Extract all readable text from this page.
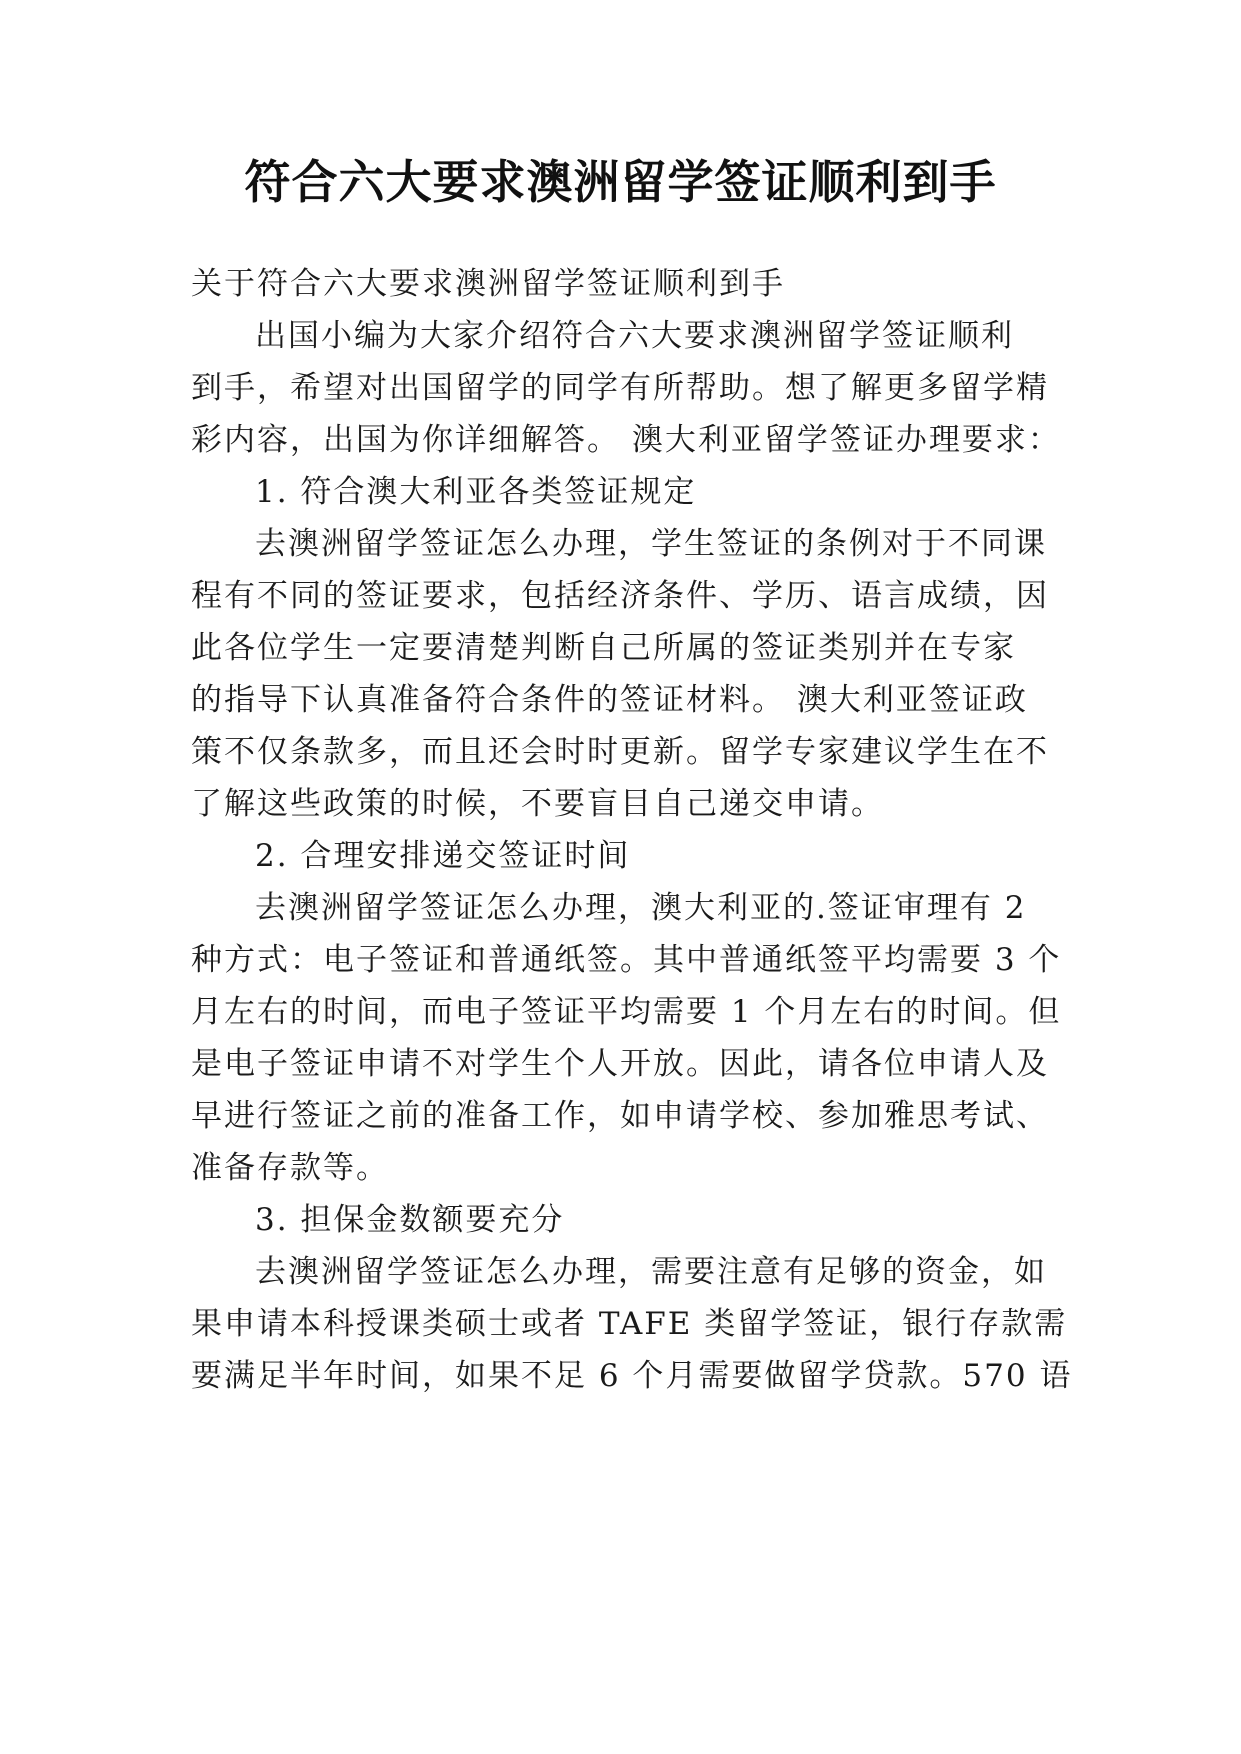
符合六大要求澳洲留学签证顺利到手

关于符合六大要求澳洲留学签证顺利到手

出国小编为大家介绍符合六大要求澳洲留学签证顺利

到手，希望对出国留学的同学有所帮助。想了解更多留学精

彩内容，出国为你详细解答。 澳大利亚留学签证办理要求：

1. 符合澳大利亚各类签证规定

去澳洲留学签证怎么办理，学生签证的条例对于不同课

程有不同的签证要求，包括经济条件、学历、语言成绩，因

此各位学生一定要清楚判断自己所属的签证类别并在专家

的指导下认真准备符合条件的签证材料。 澳大利亚签证政

策不仅条款多，而且还会时时更新。留学专家建议学生在不

了解这些政策的时候，不要盲目自己递交申请。

2. 合理安排递交签证时间

去澳洲留学签证怎么办理，澳大利亚的.签证审理有 2

种方式：电子签证和普通纸签。其中普通纸签平均需要 3 个

月左右的时间，而电子签证平均需要 1 个月左右的时间。但

是电子签证申请不对学生个人开放。因此，请各位申请人及

早进行签证之前的准备工作，如申请学校、参加雅思考试、

准备存款等。

3. 担保金数额要充分

去澳洲留学签证怎么办理，需要注意有足够的资金，如

果申请本科授课类硕士或者 TAFE 类留学签证，银行存款需

要满足半年时间，如果不足 6 个月需要做留学贷款。570 语
